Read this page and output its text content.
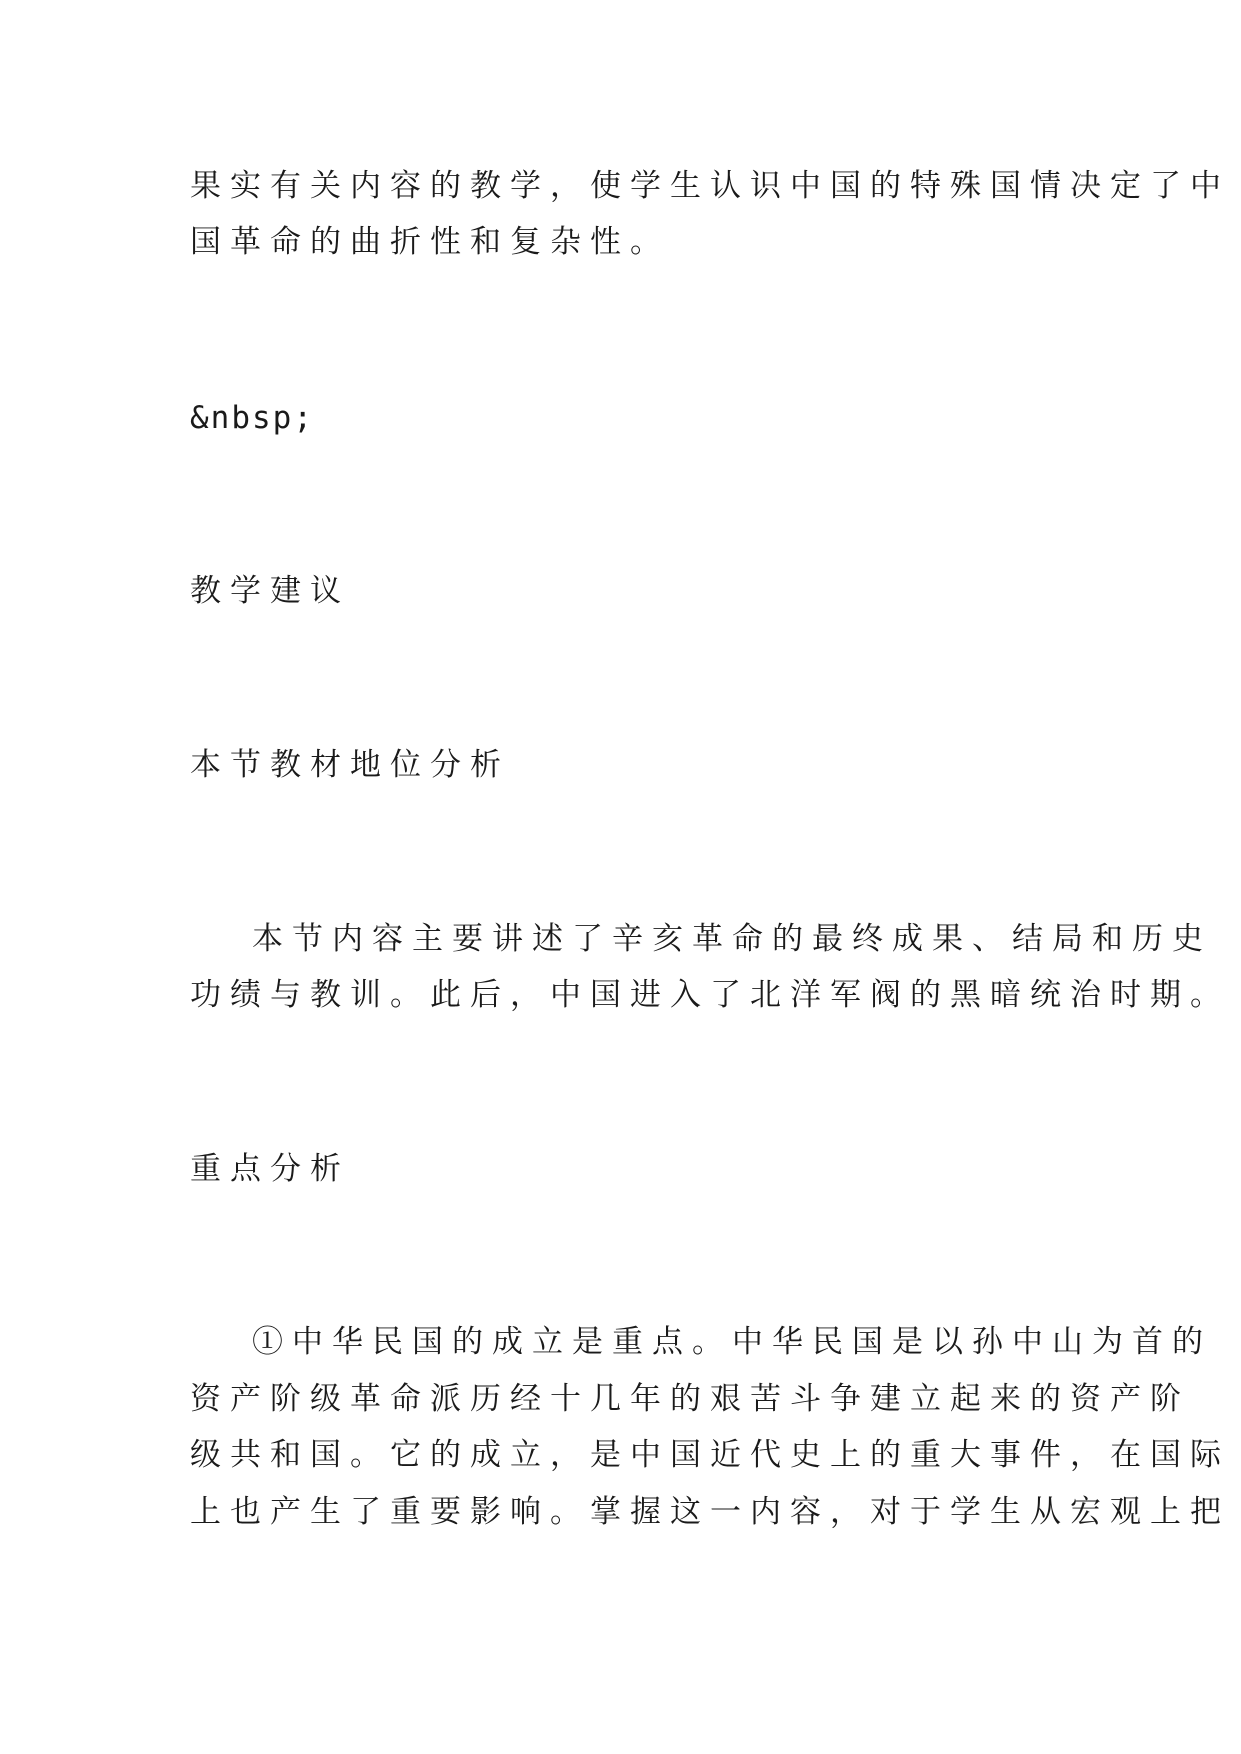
果实有关内容的教学，使学生认识中国的特殊国情决定了中
国革命的曲折性和复杂性。
&nbsp;
教学建议
本节教材地位分析
本节内容主要讲述了辛亥革命的最终成果、结局和历史
功绩与教训。此后，中国进入了北洋军阀的黑暗统治时期。
重点分析
①中华民国的成立是重点。中华民国是以孙中山为首的
资产阶级革命派历经十几年的艰苦斗争建立起来的资产阶
级共和国。它的成立，是中国近代史上的重大事件，在国际
上也产生了重要影响。掌握这一内容，对于学生从宏观上把
